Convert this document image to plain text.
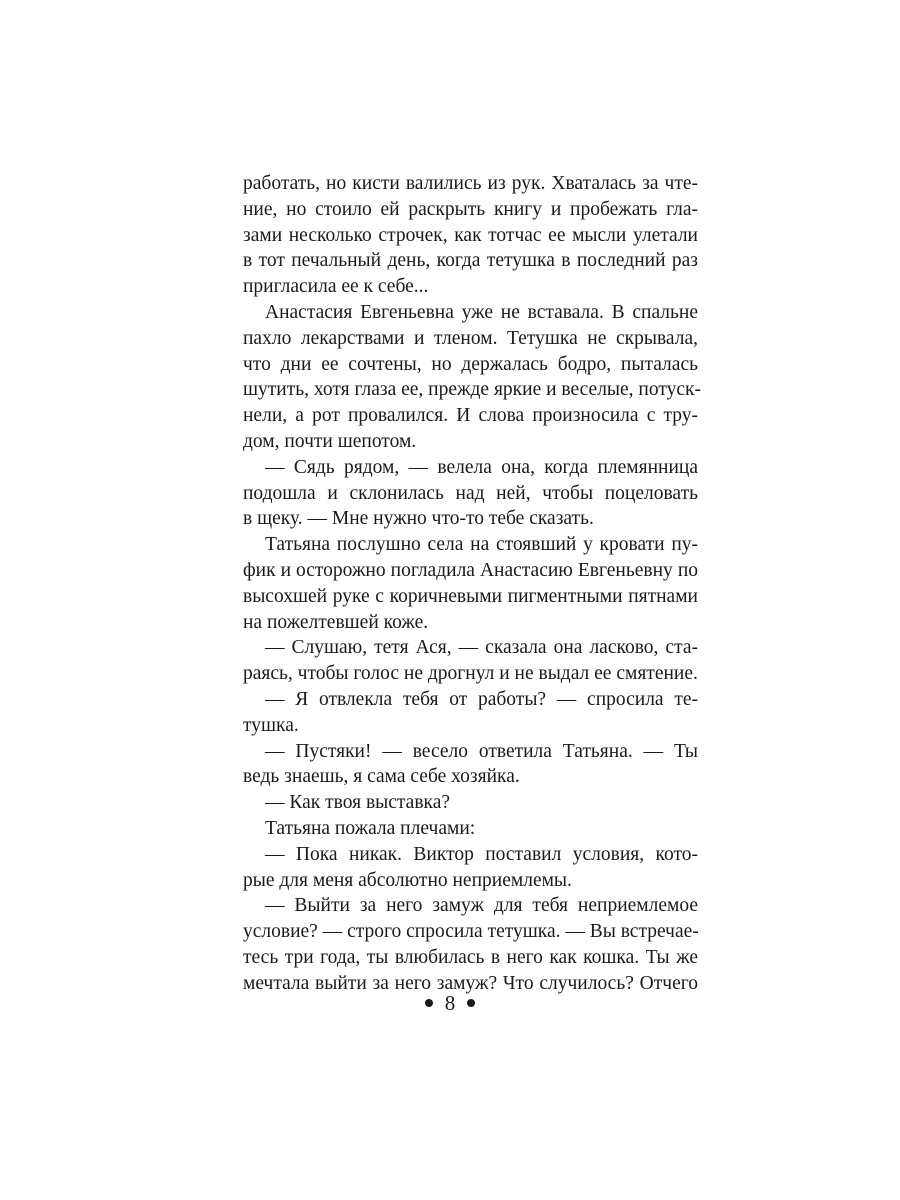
работать, но кисти валились из рук. Хваталась за чте-
ние, но стоило ей раскрыть книгу и пробежать гла-
зами несколько строчек, как тотчас ее мысли улетали
в тот печальный день, когда тетушка в последний раз
пригласила ее к себе...
Анастасия Евгеньевна уже не вставала. В спальне
пахло лекарствами и тленом. Тетушка не скрывала,
что дни ее сочтены, но держалась бодро, пыталась
шутить, хотя глаза ее, прежде яркие и веселые, потуск-
нели, а рот провалился. И слова произносила с тру-
дом, почти шепотом.
— Сядь рядом, — велела она, когда племянница
подошла и склонилась над ней, чтобы поцеловать
в щеку. — Мне нужно что-то тебе сказать.
Татьяна послушно села на стоявший у кровати пу-
фик и осторожно погладила Анастасию Евгеньевну по
высохшей руке с коричневыми пигментными пятнами
на пожелтевшей коже.
— Слушаю, тетя Ася, — сказала она ласково, ста-
раясь, чтобы голос не дрогнул и не выдал ее смятение.
— Я отвлекла тебя от работы? — спросила те-
тушка.
— Пустяки! — весело ответила Татьяна. — Ты
ведь знаешь, я сама себе хозяйка.
— Как твоя выставка?
Татьяна пожала плечами:
— Пока никак. Виктор поставил условия, кото-
рые для меня абсолютно неприемлемы.
— Выйти за него замуж для тебя неприемлемое
условие? — строго спросила тетушка. — Вы встречае-
тесь три года, ты влюбилась в него как кошка. Ты же
мечтала выйти за него замуж? Что случилось? Отчего
8
